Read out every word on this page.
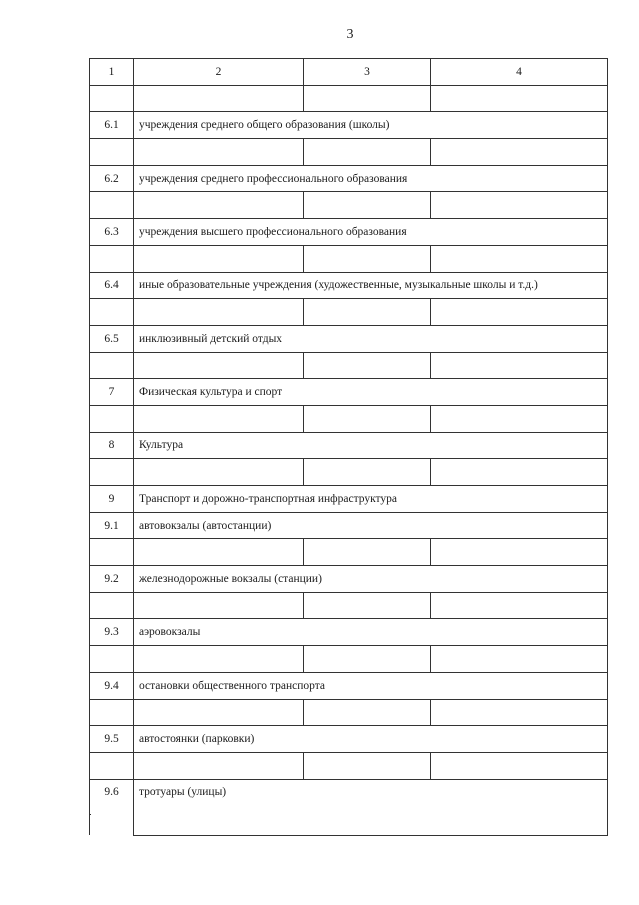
3
1	2	3	4

6.1	учреждения среднего общего образования (школы)		

6.2	учреждения среднего профессионального образования		

6.3	учреждения высшего профессионального образования		

6.4	иные образовательные учреждения (художественные, музыкальные школы и т.д.)		

6.5	инклюзивный детский отдых		

7	Физическая культура и спорт		

8	Культура		

9	Транспорт и дорожно-транспортная инфраструктура		
9.1	автовокзалы (автостанции)		

9.2	железнодорожные вокзалы (станции)		

9.3	аэровокзалы		

9.4	остановки общественного транспорта		

9.5	автостоянки (парковки)		

9.6	тротуары (улицы)		
